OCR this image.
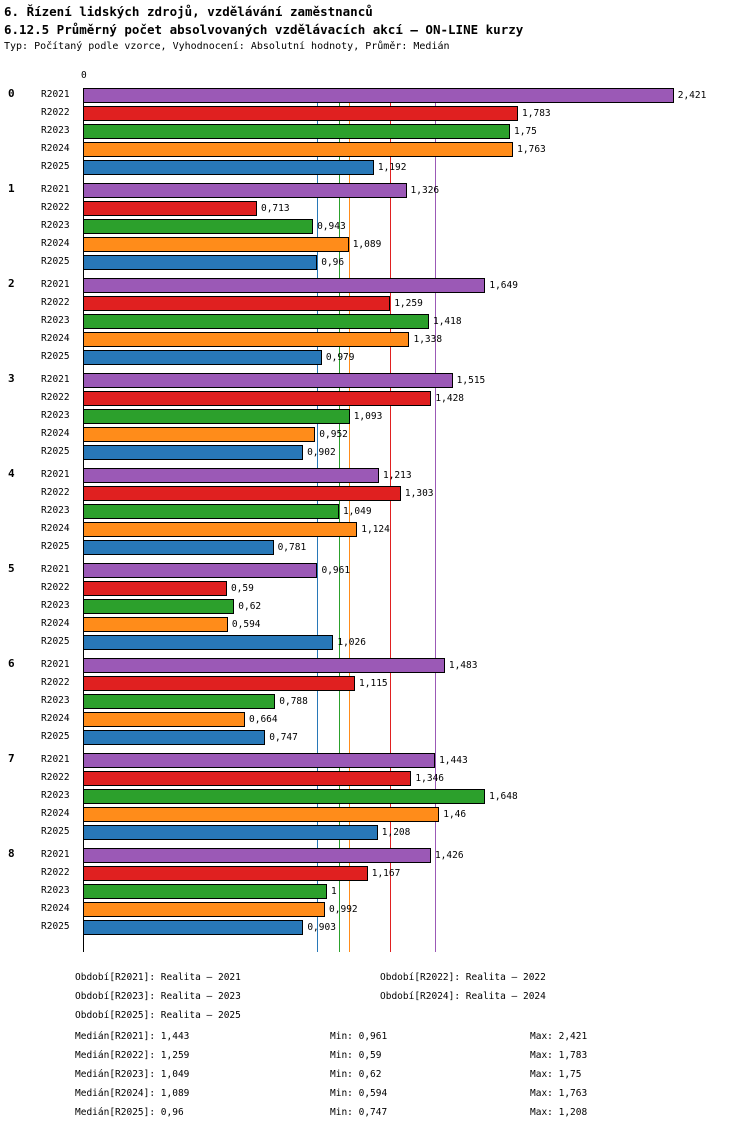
6. Řízení lidských zdrojů, vzdělávání zaměstnanců
6.12.5 Průměrný počet absolvovaných vzdělávacích akcí – ON-LINE kurzy
Typ: Počítaný podle vzorce, Vyhodnocení: Absolutní hodnoty, Průměr: Medián
0
0	R2021	2,421
R2022	1,783
R2023	1,75
R2024	1,763
R2025	1,192
1	R2021	1,326
R2022	0,713
R2023	0,943
R2024	1,089
R2025	0,96
2	R2021	1,649
R2022	1,259
R2023	1,418
R2024	1,338
R2025	0,979
3	R2021	1,515
R2022	1,428
R2023	1,093
R2024	0,952
R2025	0,902
4	R2021	1,213
R2022	1,303
R2023	1,049
R2024	1,124
R2025	0,781
5	R2021	0,961
R2022	0,59
R2023	0,62
R2024	0,594
R2025	1,026
6	R2021	1,483
R2022	1,115
R2023	0,788
R2024	0,664
R2025	0,747
7	R2021	1,443
R2022	1,346
R2023	1,648
R2024	1,46
R2025	1,208
8	R2021	1,426
R2022	1,167
R2023	1
R2024	0,992
R2025	0,903
Období[R2021]: Realita – 2021	Období[R2022]: Realita – 2022
Období[R2023]: Realita – 2023	Období[R2024]: Realita – 2024
Období[R2025]: Realita – 2025
Medián[R2021]: 1,443	Min: 0,961	Max: 2,421
Medián[R2022]: 1,259	Min: 0,59	Max: 1,783
Medián[R2023]: 1,049	Min: 0,62	Max: 1,75
Medián[R2024]: 1,089	Min: 0,594	Max: 1,763
Medián[R2025]: 0,96	Min: 0,747	Max: 1,208
